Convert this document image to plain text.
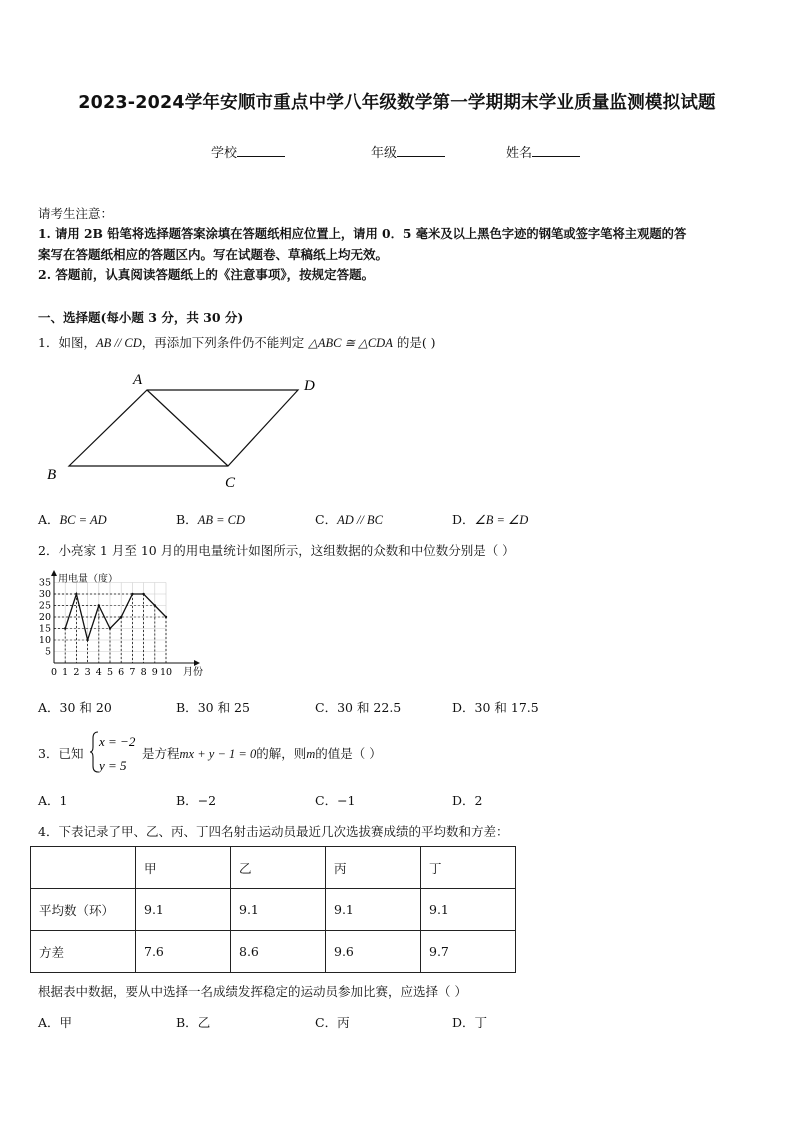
2023-2024学年安顺市重点中学八年级数学第一学期期末学业质量监测模拟试题
学校	年级	姓名
请考生注意：
1. 请用 2B 铅笔将选择题答案涂填在答题纸相应位置上，请用 0．5 毫米及以上黑色字迹的钢笔或签字笔将主观题的答
案写在答题纸相应的答题区内。写在试题卷、草稿纸上均无效。
2. 答题前，认真阅读答题纸上的《注意事项》，按规定答题。
一、选择题(每小题 3 分，共 30 分)
1．如图，AB // CD，再添加下列条件仍不能判定 △ABC ≅ △CDA 的是( )
A	D
B	C
A．BC = AD	B．AB = CD	C．AD // BC	D．∠B = ∠D
2．小亮家 1 月至 10 月的用电量统计如图所示，这组数据的众数和中位数分别是（ ）
用电量（度）
月份
5
10
15
20
25
30
35
0 1 2 3 4 5 6 7 8 9 10
A．30 和 20	B．30 和 25	C．30 和 22.5	D．30 和 17.5
3．已知
x = −2
y = 5
是方程mx + y − 1 = 0的解，则m的值是（ ）
A．1	B．−2	C．−1	D．2
4．下表记录了甲、乙、丙、丁四名射击运动员最近几次选拔赛成绩的平均数和方差：
	甲	乙	丙	丁
平均数（环）	9.1	9.1	9.1	9.1
方差	7.6	8.6	9.6	9.7
根据表中数据，要从中选择一名成绩发挥稳定的运动员参加比赛，应选择（ ）
A．甲	B．乙	C．丙	D．丁
